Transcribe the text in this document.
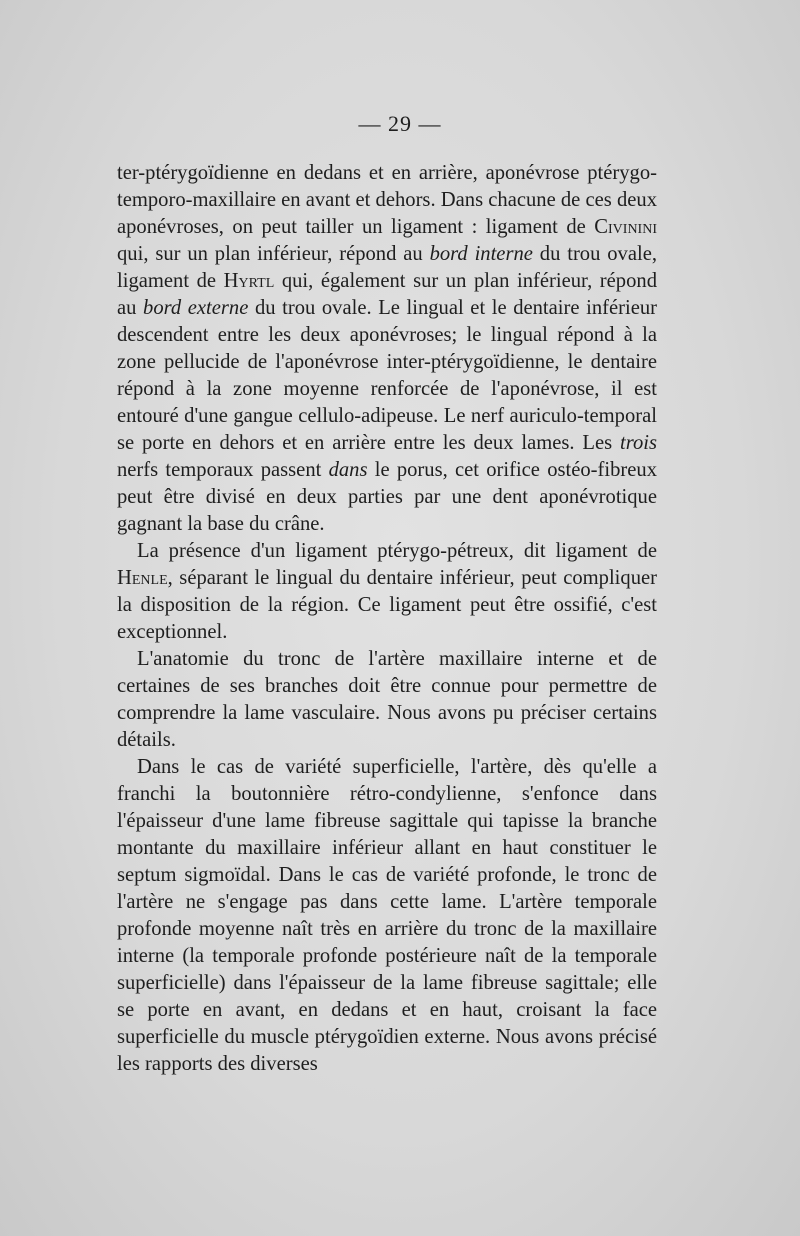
— 29 —

ter-ptérygoïdienne en dedans et en arrière, aponévrose ptérygo-temporo-maxillaire en avant et dehors. Dans chacune de ces deux aponévroses, on peut tailler un ligament : ligament de Civinini qui, sur un plan inférieur, répond au bord interne du trou ovale, ligament de Hyrtl qui, également sur un plan inférieur, répond au bord externe du trou ovale. Le lingual et le dentaire inférieur descendent entre les deux aponévroses; le lingual répond à la zone pellucide de l'aponévrose inter-ptérygoïdienne, le dentaire répond à la zone moyenne renforcée de l'aponévrose, il est entouré d'une gangue cellulo-adipeuse. Le nerf auriculo-temporal se porte en dehors et en arrière entre les deux lames. Les trois nerfs temporaux passent dans le porus, cet orifice ostéo-fibreux peut être divisé en deux parties par une dent aponévrotique gagnant la base du crâne.

La présence d'un ligament ptérygo-pétreux, dit ligament de Henle, séparant le lingual du dentaire inférieur, peut compliquer la disposition de la région. Ce ligament peut être ossifié, c'est exceptionnel.

L'anatomie du tronc de l'artère maxillaire interne et de certaines de ses branches doit être connue pour permettre de comprendre la lame vasculaire. Nous avons pu préciser certains détails.

Dans le cas de variété superficielle, l'artère, dès qu'elle a franchi la boutonnière rétro-condylienne, s'enfonce dans l'épaisseur d'une lame fibreuse sagittale qui tapisse la branche montante du maxillaire inférieur allant en haut constituer le septum sigmoïdal. Dans le cas de variété profonde, le tronc de l'artère ne s'engage pas dans cette lame. L'artère temporale profonde moyenne naît très en arrière du tronc de la maxillaire interne (la temporale profonde postérieure naît de la temporale superficielle) dans l'épaisseur de la lame fibreuse sagittale; elle se porte en avant, en dedans et en haut, croisant la face superficielle du muscle ptérygoïdien externe. Nous avons précisé les rapports des diverses
